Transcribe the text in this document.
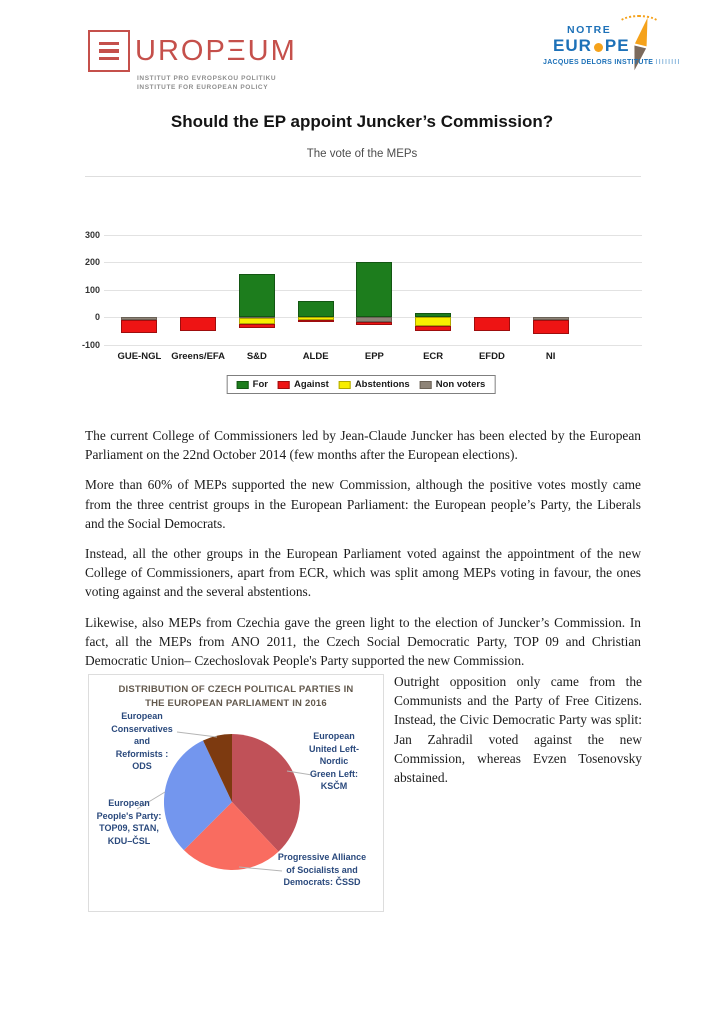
UROPΞUM
INSTITUT PRO EVROPSKOU POLITIKU
INSTITUTE FOR EUROPEAN POLICY
NOTRE
EUR PE
JACQUES DELORS INSTITUTE IIIIIIII
Should the EP appoint Juncker’s Commission?
The vote of the MEPs
300
200
100
0
-100
GUE-NGL	Greens/EFA	S&D	ALDE	EPP	ECR	EFDD	NI
For	Against	Abstentions	Non voters

The current College of Commissioners led by Jean-Claude Juncker has been elected by the European Parliament on the 22nd October 2014 (few months after the European elections).

More than 60% of MEPs supported the new Commission, although the positive votes mostly came from the three centrist groups in the European Parliament: the European people’s Party, the Liberals and the Social Democrats.

Instead, all the other groups in the European Parliament voted against the appointment of the new College of Commissioners, apart from ECR, which was split among MEPs voting in favour, the ones voting against and the several abstentions.

Likewise, also MEPs from Czechia gave the green light to the election of Juncker’s Commission. In fact, all the MEPs from ANO 2011, the Czech Social Democratic Party, TOP 09 and Christian Democratic Union– Czechoslovak People's Party supported the new Commission.

DISTRIBUTION OF CZECH POLITICAL PARTIES IN
THE EUROPEAN PARLIAMENT IN 2016
European
United Left-
Nordic
Green Left:
KSČM
Progressive Alliance
of Socialists and
Democrats: ČSSD
European
People's Party:
TOP09, STAN,
KDU–ČSL
European
Conservatives
and
Reformists :
ODS

Outright opposition only came from the Communists and the Party of Free Citizens. Instead, the Civic Democratic Party was split: Jan Zahradil voted against the new Commission, whereas Evzen Tosenovsky abstained.
